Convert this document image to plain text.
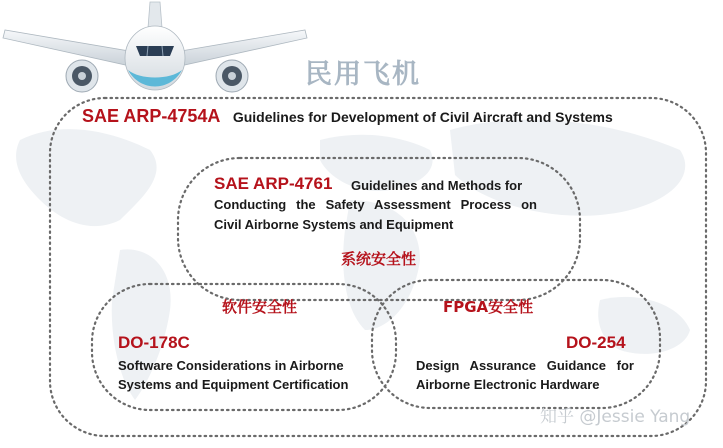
民用飞机
SAE ARP-4754A Guidelines for Development of Civil Aircraft and Systems
SAE ARP-4761 Guidelines and Methods for
Conducting the Safety Assessment Process on
Civil Airborne Systems and Equipment
系统安全性
软件安全性	FPGA安全性
DO-178C
Software Considerations in Airborne
Systems and Equipment Certification
DO-254
Design Assurance Guidance for
Airborne Electronic Hardware
知乎 @Jessie Yang
